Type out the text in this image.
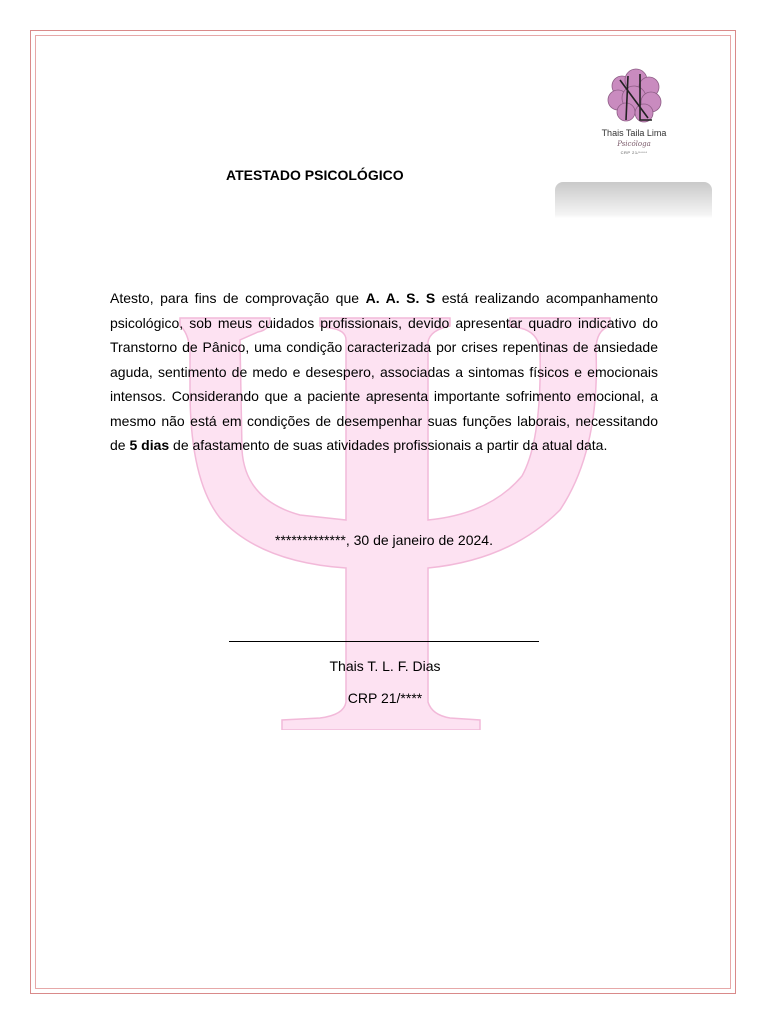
Thais Taila Lima
Psicóloga
CRP 21/****
ATESTADO PSICOLÓGICO
Atesto, para fins de comprovação que A. A. S. S está realizando acompanhamento psicológico, sob meus cuidados profissionais, devido apresentar quadro indicativo do Transtorno de Pânico, uma condição caracterizada por crises repentinas de ansiedade aguda, sentimento de medo e desespero, associadas a sintomas físicos e emocionais intensos. Considerando que a paciente apresenta importante sofrimento emocional, a mesmo não está em condições de desempenhar suas funções laborais, necessitando de 5 dias de afastamento de suas atividades profissionais a partir da atual data.
*************, 30 de janeiro de 2024.
Thais T. L. F. Dias
CRP 21/****
